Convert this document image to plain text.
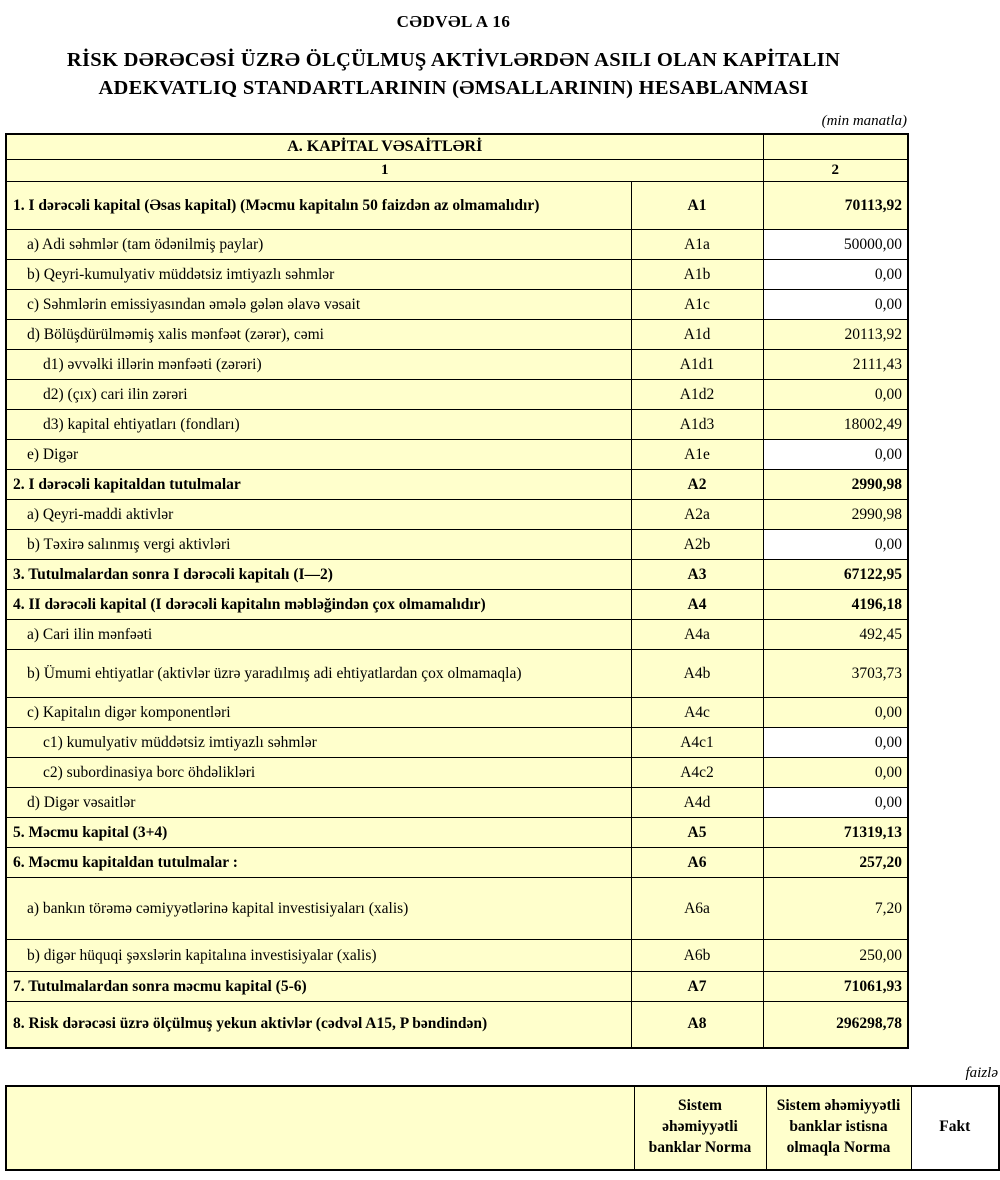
CƏDVƏL A 16
RİSK DƏRƏCƏSİ ÜZRƏ ÖLÇÜLMUŞ AKTİVLƏRDƏN ASILI OLAN KAPİTALIN
ADEKVATLIQ STANDARTLARININ (ƏMSALLARININ) HESABLANMASI
(min manatla)
A. KAPİTAL VƏSAİTLƏRİ		
1		2
1. I dərəcəli kapital (Əsas kapital) (Məcmu kapitalın 50 faizdən az olmamalıdır)	A1	70113,92
a) Adi səhmlər (tam ödənilmiş paylar)	A1a	50000,00
b) Qeyri-kumulyativ müddətsiz imtiyazlı səhmlər	A1b	0,00
c) Səhmlərin emissiyasından əmələ gələn əlavə vəsait	A1c	0,00
d) Bölüşdürülməmiş xalis mənfəət (zərər), cəmi	A1d	20113,92
d1) əvvəlki illərin mənfəəti (zərəri)	A1d1	2111,43
d2) (çıx) cari ilin zərəri	A1d2	0,00
d3) kapital ehtiyatları (fondları)	A1d3	18002,49
e) Digər	A1e	0,00
2. I dərəcəli kapitaldan tutulmalar	A2	2990,98
a) Qeyri-maddi aktivlər	A2a	2990,98
b) Təxirə salınmış vergi aktivləri	A2b	0,00
3. Tutulmalardan sonra I dərəcəli kapitalı (I—2)	A3	67122,95
4. II dərəcəli kapital (I dərəcəli kapitalın məbləğindən çox olmamalıdır)	A4	4196,18
a) Cari ilin mənfəəti	A4a	492,45
b) Ümumi ehtiyatlar (aktivlər üzrə yaradılmış adi ehtiyatlardan çox olmamaqla)	A4b	3703,73
c) Kapitalın digər komponentləri	A4c	0,00
c1) kumulyativ müddətsiz imtiyazlı səhmlər	A4c1	0,00
c2) subordinasiya borc öhdəlikləri	A4c2	0,00
d) Digər vəsaitlər	A4d	0,00
5. Məcmu kapital (3+4)	A5	71319,13
6. Məcmu kapitaldan tutulmalar :	A6	257,20
a) bankın törəmə cəmiyyətlərinə kapital investisiyaları (xalis)	A6a	7,20
b) digər hüquqi şəxslərin kapitalına investisiyalar (xalis)	A6b	250,00
7. Tutulmalardan sonra məcmu kapital (5-6)	A7	71061,93
8. Risk dərəcəsi üzrə ölçülmuş yekun aktivlər (cədvəl A15, P bəndindən)	A8	296298,78
faizlə
	Sistem əhəmiyyətli banklar Norma	Sistem əhəmiyyətli banklar istisna olmaqla Norma	Fakt
